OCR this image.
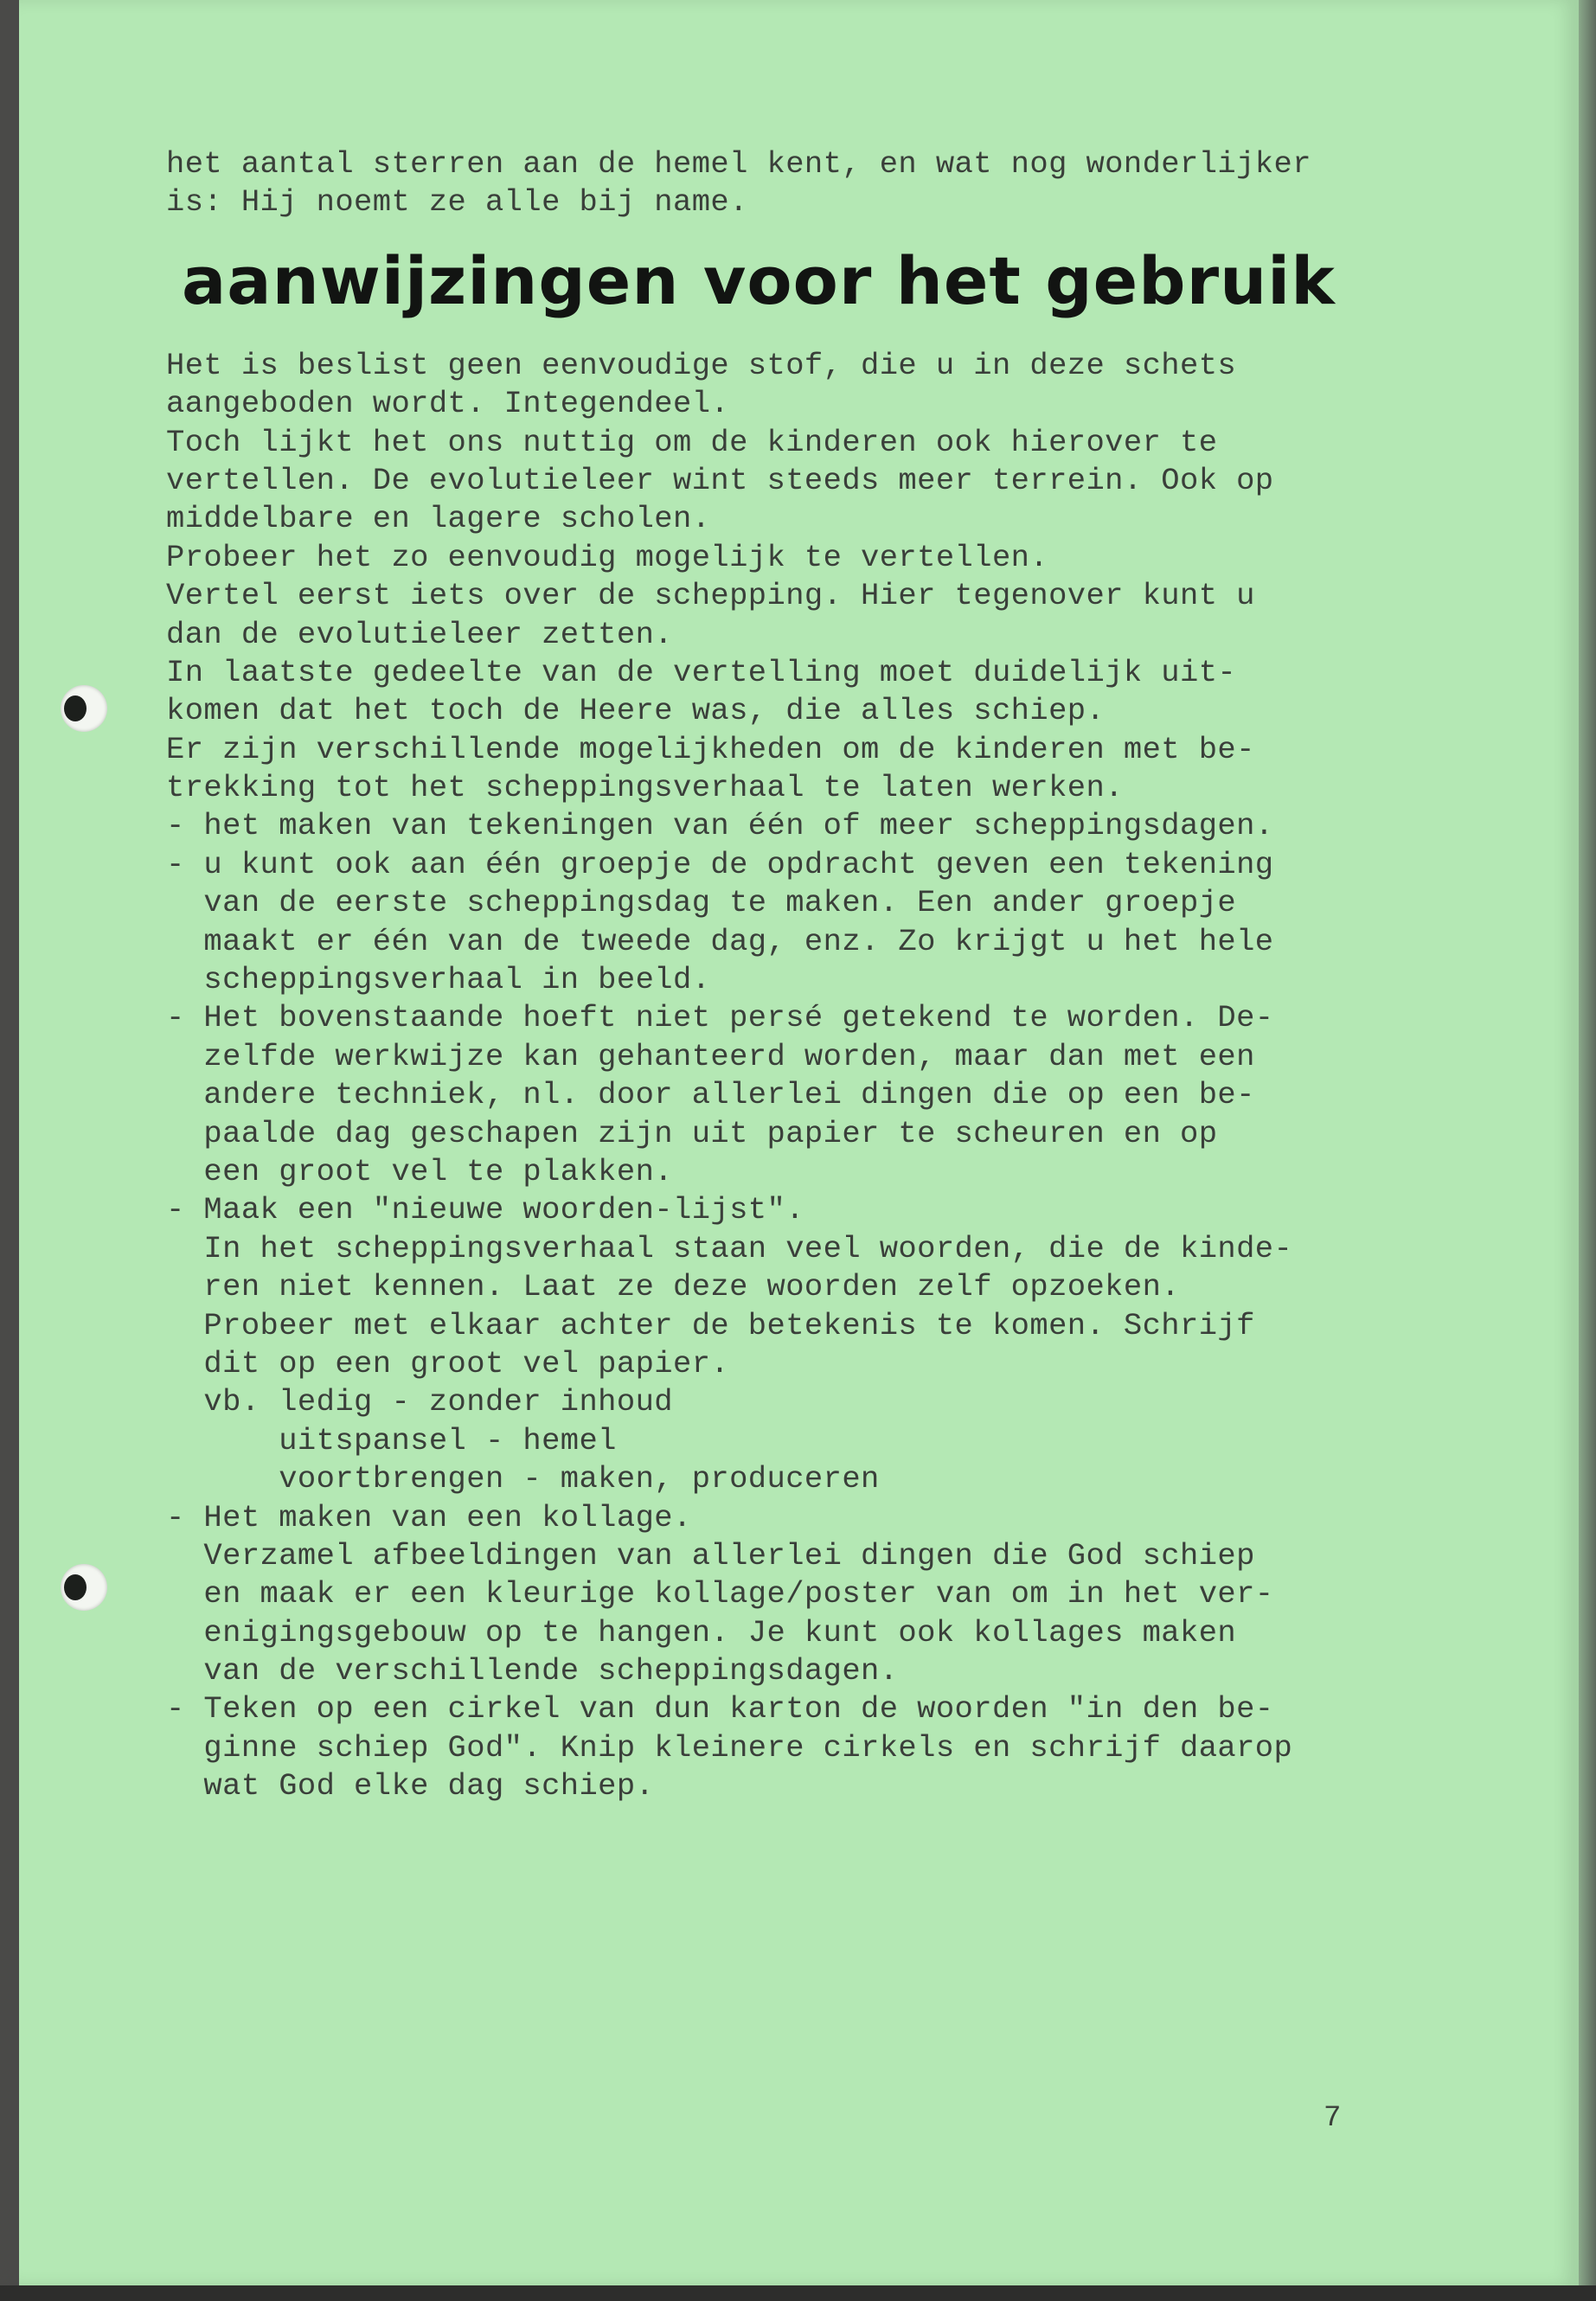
het aantal sterren aan de hemel kent, en wat nog wonderlijker
is: Hij noemt ze alle bij name.
aanwijzingen voor het gebruik
Het is beslist geen eenvoudige stof, die u in deze schets
aangeboden wordt. Integendeel.
Toch lijkt het ons nuttig om de kinderen ook hierover te
vertellen. De evolutieleer wint steeds meer terrein. Ook op
middelbare en lagere scholen.
Probeer het zo eenvoudig mogelijk te vertellen.
Vertel eerst iets over de schepping. Hier tegenover kunt u
dan de evolutieleer zetten.
In laatste gedeelte van de vertelling moet duidelijk uit-
komen dat het toch de Heere was, die alles schiep.
Er zijn verschillende mogelijkheden om de kinderen met be-
trekking tot het scheppingsverhaal te laten werken.
- het maken van tekeningen van één of meer scheppingsdagen.
- u kunt ook aan één groepje de opdracht geven een tekening
van de eerste scheppingsdag te maken. Een ander groepje
maakt er één van de tweede dag, enz. Zo krijgt u het hele
scheppingsverhaal in beeld.
- Het bovenstaande hoeft niet persé getekend te worden. De-
zelfde werkwijze kan gehanteerd worden, maar dan met een
andere techniek, nl. door allerlei dingen die op een be-
paalde dag geschapen zijn uit papier te scheuren en op
een groot vel te plakken.
- Maak een "nieuwe woorden-lijst".
In het scheppingsverhaal staan veel woorden, die de kinde-
ren niet kennen. Laat ze deze woorden zelf opzoeken.
Probeer met elkaar achter de betekenis te komen. Schrijf
dit op een groot vel papier.
vb. ledig - zonder inhoud
uitspansel - hemel
voortbrengen - maken, produceren
- Het maken van een kollage.
Verzamel afbeeldingen van allerlei dingen die God schiep
en maak er een kleurige kollage/poster van om in het ver-
enigingsgebouw op te hangen. Je kunt ook kollages maken
van de verschillende scheppingsdagen.
- Teken op een cirkel van dun karton de woorden "in den be-
ginne schiep God". Knip kleinere cirkels en schrijf daarop
wat God elke dag schiep.
7
